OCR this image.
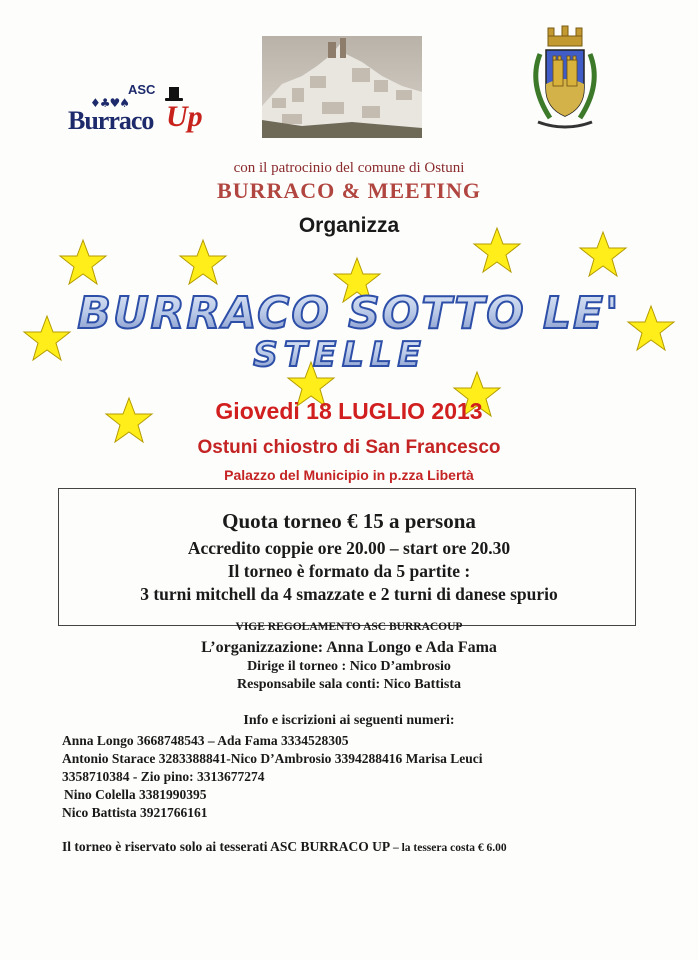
ASC
♦♣♥♠
Burraco Up
con il patrocinio del comune di Ostuni
BURRACO & MEETING
Organizza
BURRACO SOTTO LE'
STELLE
Giovedi 18 LUGLIO 2013
Ostuni chiostro di San Francesco
Palazzo del Municipio in p.zza Libertà
Quota torneo € 15 a persona
Accredito coppie ore 20.00 – start ore 20.30
Il torneo è formato da 5 partite :
3 turni mitchell da 4 smazzate e 2 turni di danese spurio
VIGE REGOLAMENTO ASC BURRACOUP
L’organizzazione: Anna Longo e Ada Fama
Dirige il torneo : Nico D’ambrosio
Responsabile sala conti: Nico Battista
Info e iscrizioni ai seguenti numeri:
Anna Longo 3668748543 – Ada Fama 3334528305
Antonio Starace 3283388841-Nico D’Ambrosio 3394288416 Marisa Leuci
3358710384 - Zio pino: 3313677274
Nino Colella 3381990395
Nico Battista 3921766161
Il torneo è riservato solo ai tesserati ASC BURRACO UP – la tessera costa € 6.00
